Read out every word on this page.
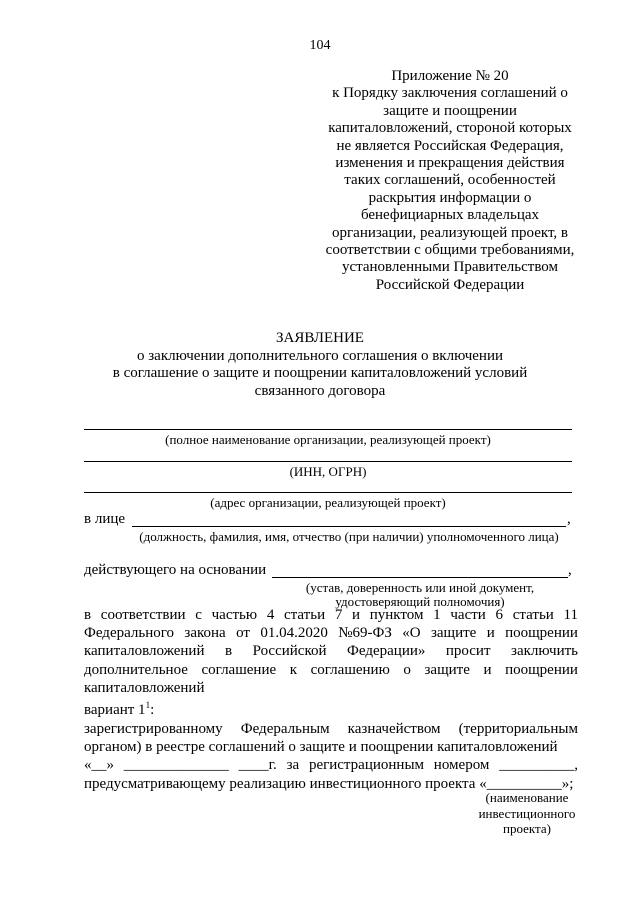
104
Приложение № 20
к Порядку заключения соглашений о
защите и поощрении
капиталовложений, стороной которых
не является Российская Федерация,
изменения и прекращения действия
таких соглашений, особенностей
раскрытия информации о
бенефициарных владельцах
организации, реализующей проект, в
соответствии с общими требованиями,
установленными Правительством
Российской Федерации
ЗАЯВЛЕНИЕ
о заключении дополнительного соглашения о включении
в соглашение о защите и поощрении капиталовложений условий
связанного договора
(полное наименование организации, реализующей проект)
(ИНН, ОГРН)
(адрес организации, реализующей проект)
в лице	,
(должность, фамилия, имя, отчество (при наличии) уполномоченного лица)
действующего на основании	,
(устав, доверенность или иной документ,
удостоверяющий полномочия)
в соответствии с частью 4 статьи 7 и пунктом 1 части 6 статьи 11
Федерального закона от 01.04.2020 №69-ФЗ «О защите и поощрении
капиталовложений в Российской Федерации» просит заключить
дополнительное соглашение к соглашению о защите и поощрении
капиталовложений
вариант $1^1$:
зарегистрированному Федеральным казначейством (территориальным
органом) в реестре соглашений о защите и поощрении капиталовложений
«__» ______________ ____г. за регистрационным номером __________,
предусматривающему реализацию инвестиционного проекта «__________»;
(наименование
инвестиционного
проекта)
